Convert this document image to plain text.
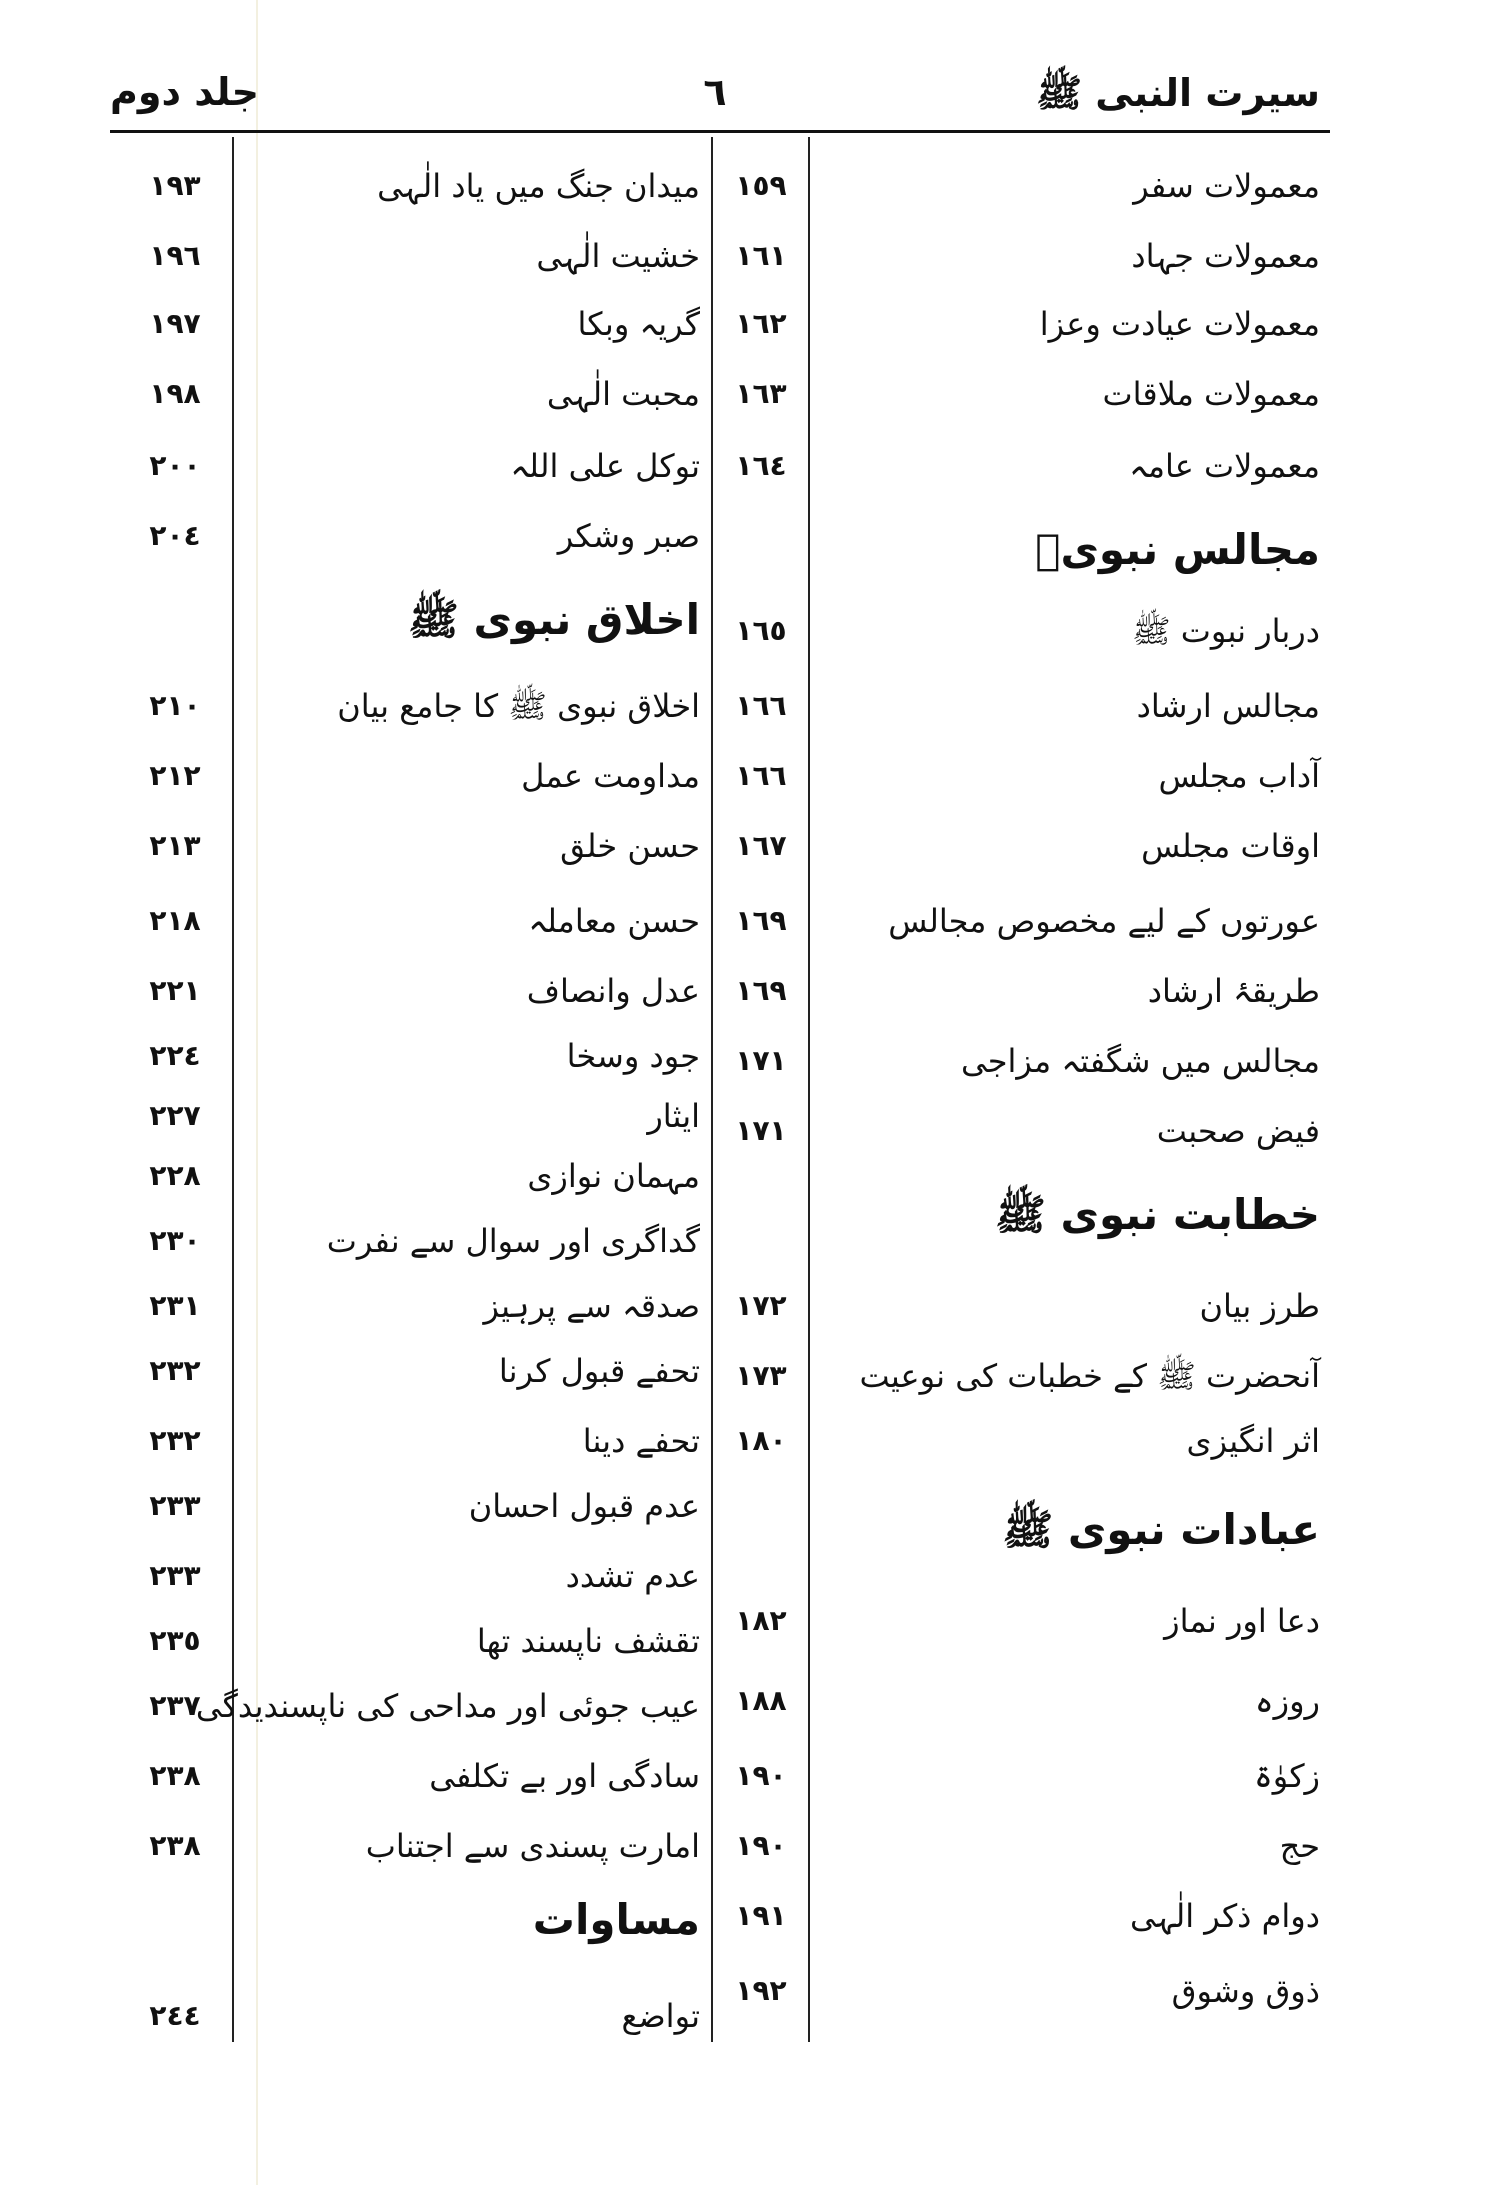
سیرت النبی ﷺ
٦
جلد دوم
معمولات سفر
١٥٩
معمولات جہاد
١٦١
معمولات عیادت وعزا
١٦٢
معمولات ملاقات
١٦٣
معمولات عامہ
١٦٤
مجالس نبویؐ
دربار نبوت ﷺ
١٦٥
مجالس ارشاد
١٦٦
آداب مجلس
١٦٦
اوقات مجلس
١٦٧
عورتوں کے لیے مخصوص مجالس
١٦٩
طریقۂ ارشاد
١٦٩
مجالس میں شگفتہ مزاجی
١٧١
فیض صحبت
١٧١
خطابت نبوی ﷺ
طرز بیان
١٧٢
آنحضرت ﷺ کے خطبات کی نوعیت
١٧٣
اثر انگیزی
١٨٠
عبادات نبوی ﷺ
دعا اور نماز
١٨٢
روزہ
١٨٨
زکوٰۃ
١٩٠
حج
١٩٠
دوام ذکر الٰہی
١٩١
ذوق وشوق
١٩٢
میدان جنگ میں یاد الٰہی
١٩٣
خشیت الٰہی
١٩٦
گریہ وبکا
١٩٧
محبت الٰہی
١٩٨
توکل علی اللہ
٢٠٠
صبر وشکر
٢٠٤
اخلاق نبوی ﷺ
اخلاق نبوی ﷺ کا جامع بیان
٢١٠
مداومت عمل
٢١٢
حسن خلق
٢١٣
حسن معاملہ
٢١٨
عدل وانصاف
٢٢١
جود وسخا
٢٢٤
ایثار
٢٢٧
مہمان نوازی
٢٢٨
گداگری اور سوال سے نفرت
٢٣٠
صدقہ سے پرہیز
٢٣١
تحفے قبول کرنا
٢٣٢
تحفے دینا
٢٣٢
عدم قبول احسان
٢٣٣
عدم تشدد
٢٣٣
تقشف ناپسند تھا
٢٣٥
عیب جوئی اور مداحی کی ناپسندیدگی
٢٣٧
سادگی اور بے تکلفی
٢٣٨
امارت پسندی سے اجتناب
٢٣٨
مساوات
تواضع
٢٤٤
